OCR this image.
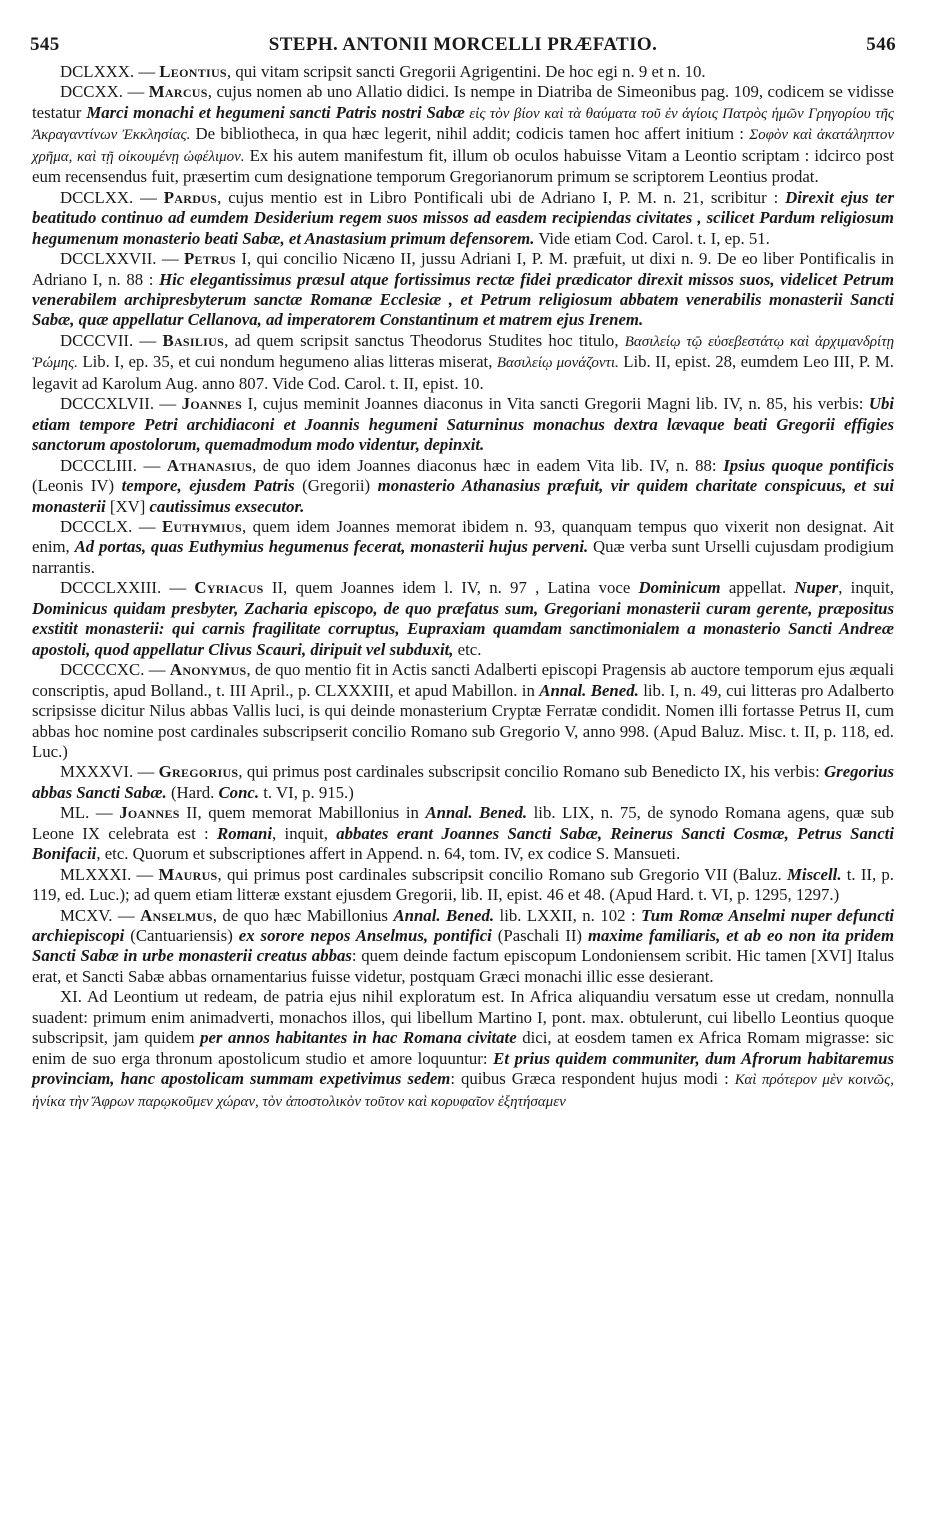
545	STEPH. ANTONII MORCELLI PRÆFATIO.	546

DCLXXX. — Leontius, qui vitam scripsit sancti Gregorii Agrigentini. De hoc egi n. 9 et n. 10.

DCCXX. — Marcus, cujus nomen ab uno Allatio didici. Is nempe in Diatriba de Simeonibus pag. 109, codicem se vidisse testatur Marci monachi et hegumeni sancti Patris nostri Sabæ εἰς τὸν βίον καὶ τὰ θαύματα τοῦ ἐν ἁγίοις Πατρὸς ἡμῶν Γρηγορίου τῆς Ἀκραγαντίνων Ἐκκλησίας. De bibliotheca, in qua hæc legerit, nihil addit; codicis tamen hoc affert initium : Σοφὸν καὶ ἀκατάληπτον χρῆμα, καὶ τῇ οἰκουμένῃ ὠφέλιμον. Ex his autem manifestum fit, illum ob oculos habuisse Vitam a Leontio scriptam : idcirco post eum recensendus fuit, præsertim cum designatione temporum Gregorianorum primum se scriptorem Leontius prodat.

DCCLXX. — Pardus, cujus mentio est in Libro Pontificali ubi de Adriano I, P. M. n. 21, scribitur : Direxit ejus ter beatitudo continuo ad eumdem Desiderium regem suos missos ad easdem recipiendas civitates , scilicet Pardum religiosum hegumenum monasterio beati Sabæ, et Anastasium primum defensorem. Vide etiam Cod. Carol. t. I, ep. 51.

DCCLXXVII. — Petrus I, qui concilio Nicæno II, jussu Adriani I, P. M. præfuit, ut dixi n. 9. De eo liber Pontificalis in Adriano I, n. 88 : Hic elegantissimus præsul atque fortissimus rectæ fidei prædicator direxit missos suos, videlicet Petrum venerabilem archipresbyterum sanctæ Romanæ Ecclesiæ , et Petrum religiosum abbatem venerabilis monasterii Sancti Sabæ, quæ appellatur Cellanova, ad imperatorem Constantinum et matrem ejus Irenem.

DCCCVII. — Basilius, ad quem scripsit sanctus Theodorus Studites hoc titulo, Βασιλείῳ τῷ εὐσεβεστάτῳ καὶ ἀρχιμανδρίτῃ Ῥώμης. Lib. I, ep. 35, et cui nondum hegumeno alias litteras miserat, Βασιλείῳ μονάζοντι. Lib. II, epist. 28, eumdem Leo III, P. M. legavit ad Karolum Aug. anno 807. Vide Cod. Carol. t. II, epist. 10.

DCCCXLVII. — Joannes I, cujus meminit Joannes diaconus in Vita sancti Gregorii Magni lib. IV, n. 85, his verbis: Ubi etiam tempore Petri archidiaconi et Joannis hegumeni Saturninus monachus dextra lævaque beati Gregorii effigies sanctorum apostolorum, quemadmodum modo videntur, depinxit.

DCCCLIII. — Athanasius, de quo idem Joannes diaconus hæc in eadem Vita lib. IV, n. 88: Ipsius quoque pontificis (Leonis IV) tempore, ejusdem Patris (Gregorii) monasterio Athanasius præfuit, vir quidem charitate conspicuus, et sui monasterii [XV] cautissimus exsecutor.

DCCCLX. — Euthymius, quem idem Joannes memorat ibidem n. 93, quanquam tempus quo vixerit non designat. Ait enim, Ad portas, quas Euthymius hegumenus fecerat, monasterii hujus perveni. Quæ verba sunt Urselli cujusdam prodigium narrantis.

DCCCLXXIII. — Cyriacus II, quem Joannes idem l. IV, n. 97 , Latina voce Dominicum appellat. Nuper, inquit, Dominicus quidam presbyter, Zacharia episcopo, de quo præfatus sum, Gregoriani monasterii curam gerente, præpositus exstitit monasterii: qui carnis fragilitate corruptus, Eupraxiam quamdam sanctimonialem a monasterio Sancti Andreæ apostoli, quod appellatur Clivus Scauri, diripuit vel subduxit, etc.

DCCCCXC. — Anonymus, de quo mentio fit in Actis sancti Adalberti episcopi Pragensis ab auctore temporum ejus æquali conscriptis, apud Bolland., t. III April., p. CLXXXIII, et apud Mabillon. in Annal. Bened. lib. I, n. 49, cui litteras pro Adalberto scripsisse dicitur Nilus abbas Vallis luci, is qui deinde monasterium Cryptæ Ferratæ condidit. Nomen illi fortasse Petrus II, cum abbas hoc nomine post cardinales subscripserit concilio Romano sub Gregorio V, anno 998. (Apud Baluz. Misc. t. II, p. 118, ed. Luc.)

MXXXVI. — Gregorius, qui primus post cardinales subscripsit concilio Romano sub Benedicto IX, his verbis: Gregorius abbas Sancti Sabæ. (Hard. Conc. t. VI, p. 915.)

ML. — Joannes II, quem memorat Mabillonius in Annal. Bened. lib. LIX, n. 75, de synodo Romana agens, quæ sub Leone IX celebrata est : Romani, inquit, abbates erant Joannes Sancti Sabæ, Reinerus Sancti Cosmæ, Petrus Sancti Bonifacii, etc. Quorum et subscriptiones affert in Append. n. 64, tom. IV, ex codice S. Mansueti.

MLXXXI. — Maurus, qui primus post cardinales subscripsit concilio Romano sub Gregorio VII (Baluz. Miscell. t. II, p. 119, ed. Luc.); ad quem etiam litteræ exstant ejusdem Gregorii, lib. II, epist. 46 et 48. (Apud Hard. t. VI, p. 1295, 1297.)

MCXV. — Anselmus, de quo hæc Mabillonius Annal. Bened. lib. LXXII, n. 102 : Tum Romæ Anselmi nuper defuncti archiepiscopi (Cantuariensis) ex sorore nepos Anselmus, pontifici (Paschali II) maxime familiaris, et ab eo non ita pridem Sancti Sabæ in urbe monasterii creatus abbas: quem deinde factum episcopum Londoniensem scribit. Hic tamen [XVI] Italus erat, et Sancti Sabæ abbas ornamentarius fuisse videtur, postquam Græci monachi illic esse desierant.

XI. Ad Leontium ut redeam, de patria ejus nihil exploratum est. In Africa aliquandiu versatum esse ut credam, nonnulla suadent: primum enim animadverti, monachos illos, qui libellum Martino I, pont. max. obtulerunt, cui libello Leontius quoque subscripsit, jam quidem per annos habitantes in hac Romana civitate dici, at eosdem tamen ex Africa Romam migrasse: sic enim de suo erga thronum apostolicum studio et amore loquuntur: Et prius quidem communiter, dum Afrorum habitaremus provinciam, hanc apostolicam summam expetivimus sedem: quibus Græca respondent hujus modi : Καὶ πρότερον μὲν κοινῶς, ἡνίκα τὴν Ἄφρων παρῳκοῦμεν χώραν, τὸν ἀποστολικὸν τοῦτον καὶ κορυφαῖον ἐξητήσαμεν
